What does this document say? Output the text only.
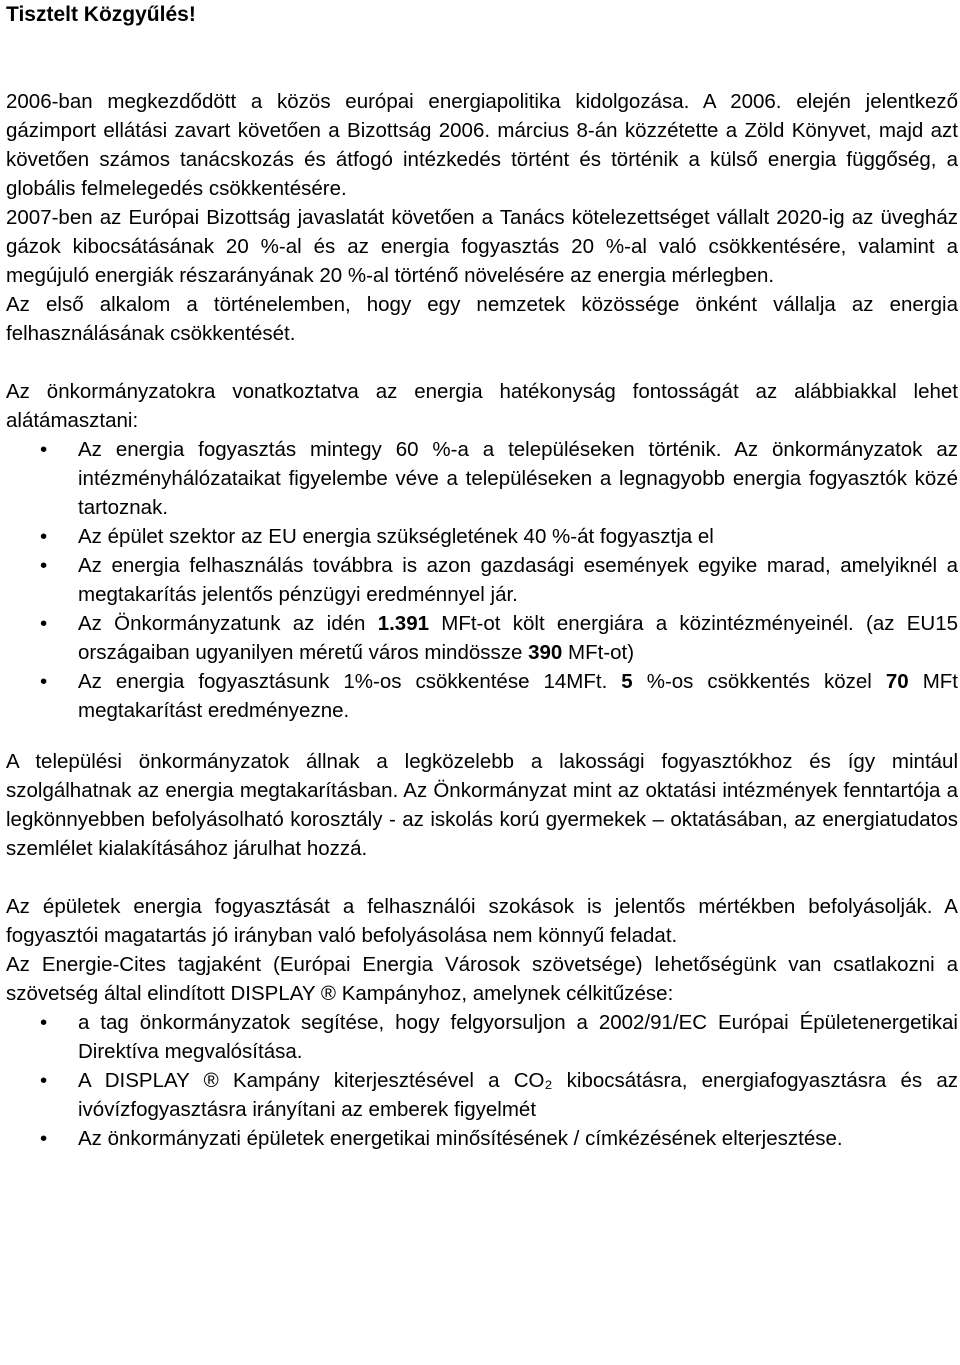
Tisztelt Közgyűlés!

2006-ban megkezdődött a közös európai energiapolitika kidolgozása. A 2006. elején jelentkező gázimport ellátási zavart követően a Bizottság 2006. március 8-án közzétette a Zöld Könyvet, majd azt követően számos tanácskozás és átfogó intézkedés történt és történik a külső energia függőség, a globális felmelegedés csökkentésére.

2007-ben az Európai Bizottság javaslatát követően a Tanács kötelezettséget vállalt 2020-ig az üvegház gázok kibocsátásának 20 %-al és az energia fogyasztás 20 %-al való csökkentésére, valamint a megújuló energiák részarányának 20 %-al történő növelésére az energia mérlegben.

Az első alkalom a történelemben, hogy egy nemzetek közössége önként vállalja az energia felhasználásának csökkentését.

Az önkormányzatokra vonatkoztatva az energia hatékonyság fontosságát az alábbiakkal lehet alátámasztani:

• Az energia fogyasztás mintegy 60 %-a a településeken történik. Az önkormányzatok az intézményhálózataikat figyelembe véve a településeken a legnagyobb energia fogyasztók közé tartoznak.
• Az épület szektor az EU energia szükségletének 40 %-át fogyasztja el
• Az energia felhasználás továbbra is azon gazdasági események egyike marad, amelyiknél a megtakarítás jelentős pénzügyi eredménnyel jár.
• Az Önkormányzatunk az idén 1.391 MFt-ot költ energiára a közintézményeinél. (az EU15 országaiban ugyanilyen méretű város mindössze 390 MFt-ot)
• Az energia fogyasztásunk 1%-os csökkentése 14MFt. 5 %-os csökkentés közel 70 MFt megtakarítást eredményezne.

A települési önkormányzatok állnak a legközelebb a lakossági fogyasztókhoz és így mintául szolgálhatnak az energia megtakarításban. Az Önkormányzat mint az oktatási intézmények fenntartója a legkönnyebben befolyásolható korosztály - az iskolás korú gyermekek – oktatásában, az energiatudatos szemlélet kialakításához járulhat hozzá.

Az épületek energia fogyasztását a felhasználói szokások is jelentős mértékben befolyásolják. A fogyasztói magatartás jó irányban való befolyásolása nem könnyű feladat.

Az Energie-Cites tagjaként (Európai Energia Városok szövetsége) lehetőségünk van csatlakozni a szövetség által elindított DISPLAY ® Kampányhoz, amelynek célkitűzése:

• a tag önkormányzatok segítése, hogy felgyorsuljon a 2002/91/EC Európai Épületenergetikai Direktíva megvalósítása.
• A DISPLAY ® Kampány kiterjesztésével a CO₂ kibocsátásra, energiafogyasztásra és az ivóvízfogyasztásra irányítani az emberek figyelmét
• Az önkormányzati épületek energetikai minősítésének / címkézésének elterjesztése.
